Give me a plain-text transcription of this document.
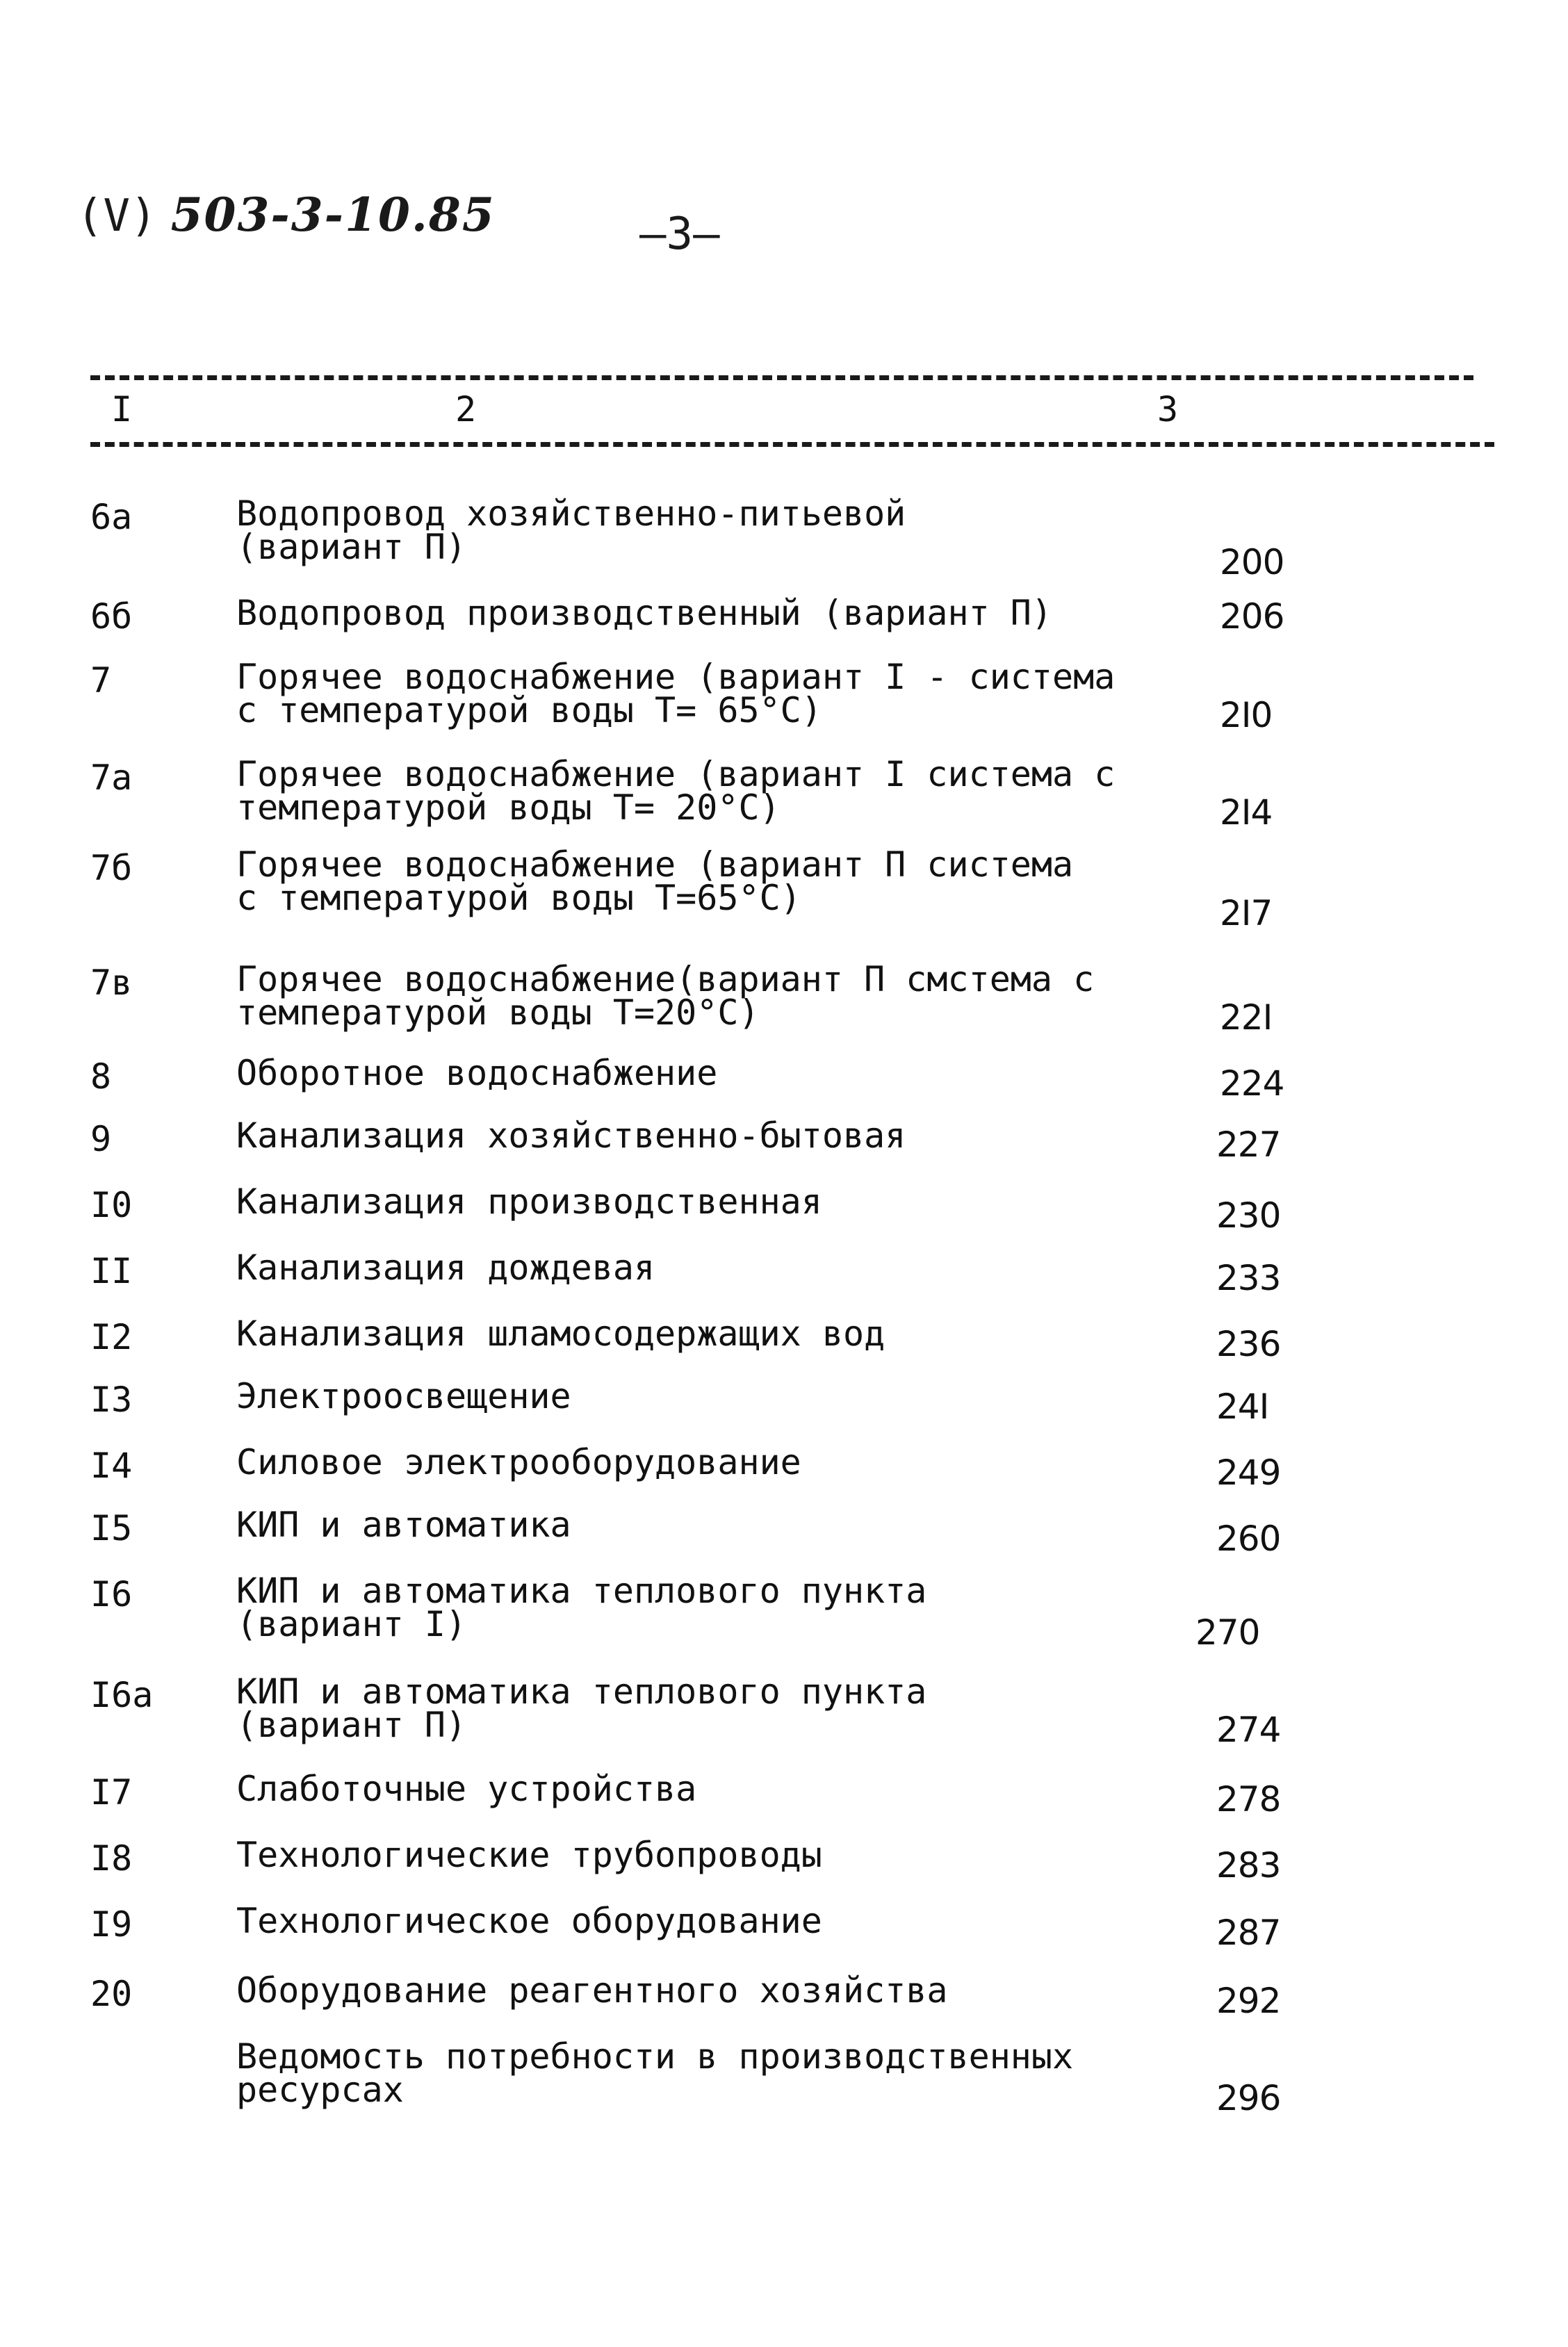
(V) 503-3-10.85	—3—
I	2	3
6а	Водопровод хозяйственно-питьевой
(вариант П)	200
6б	Водопровод производственный (вариант П)	206
7	Горячее водоснабжение (вариант I - система
с температурой воды Т= 65°С)	2I0
7а	Горячее водоснабжение (вариант I система с
температурой воды Т= 20°С)	2I4
7б	Горячее водоснабжение (вариант П система
с температурой воды Т=65°С)	2I7
7в	Горячее водоснабжение(вариант П смстема с
температурой воды Т=20°С)	22I
8	Оборотное водоснабжение	224
9	Канализация хозяйственно-бытовая	227
I0	Канализация производственная	230
II	Канализация дождевая	233
I2	Канализация шламосодержащих вод	236
I3	Электроосвещение	24I
I4	Силовое электрооборудование	249
I5	КИП и автоматика	260
I6	КИП и автоматика теплового пункта
(вариант I)	270
I6а КИП и автоматика теплового пункта
(вариант П)	274
I7	Слаботочные устройства	278
I8	Технологические трубопроводы	283
I9	Технологическое оборудование	287
20	Оборудование реагентного хозяйства	292
Ведомость потребности в производственных
ресурсах	296
